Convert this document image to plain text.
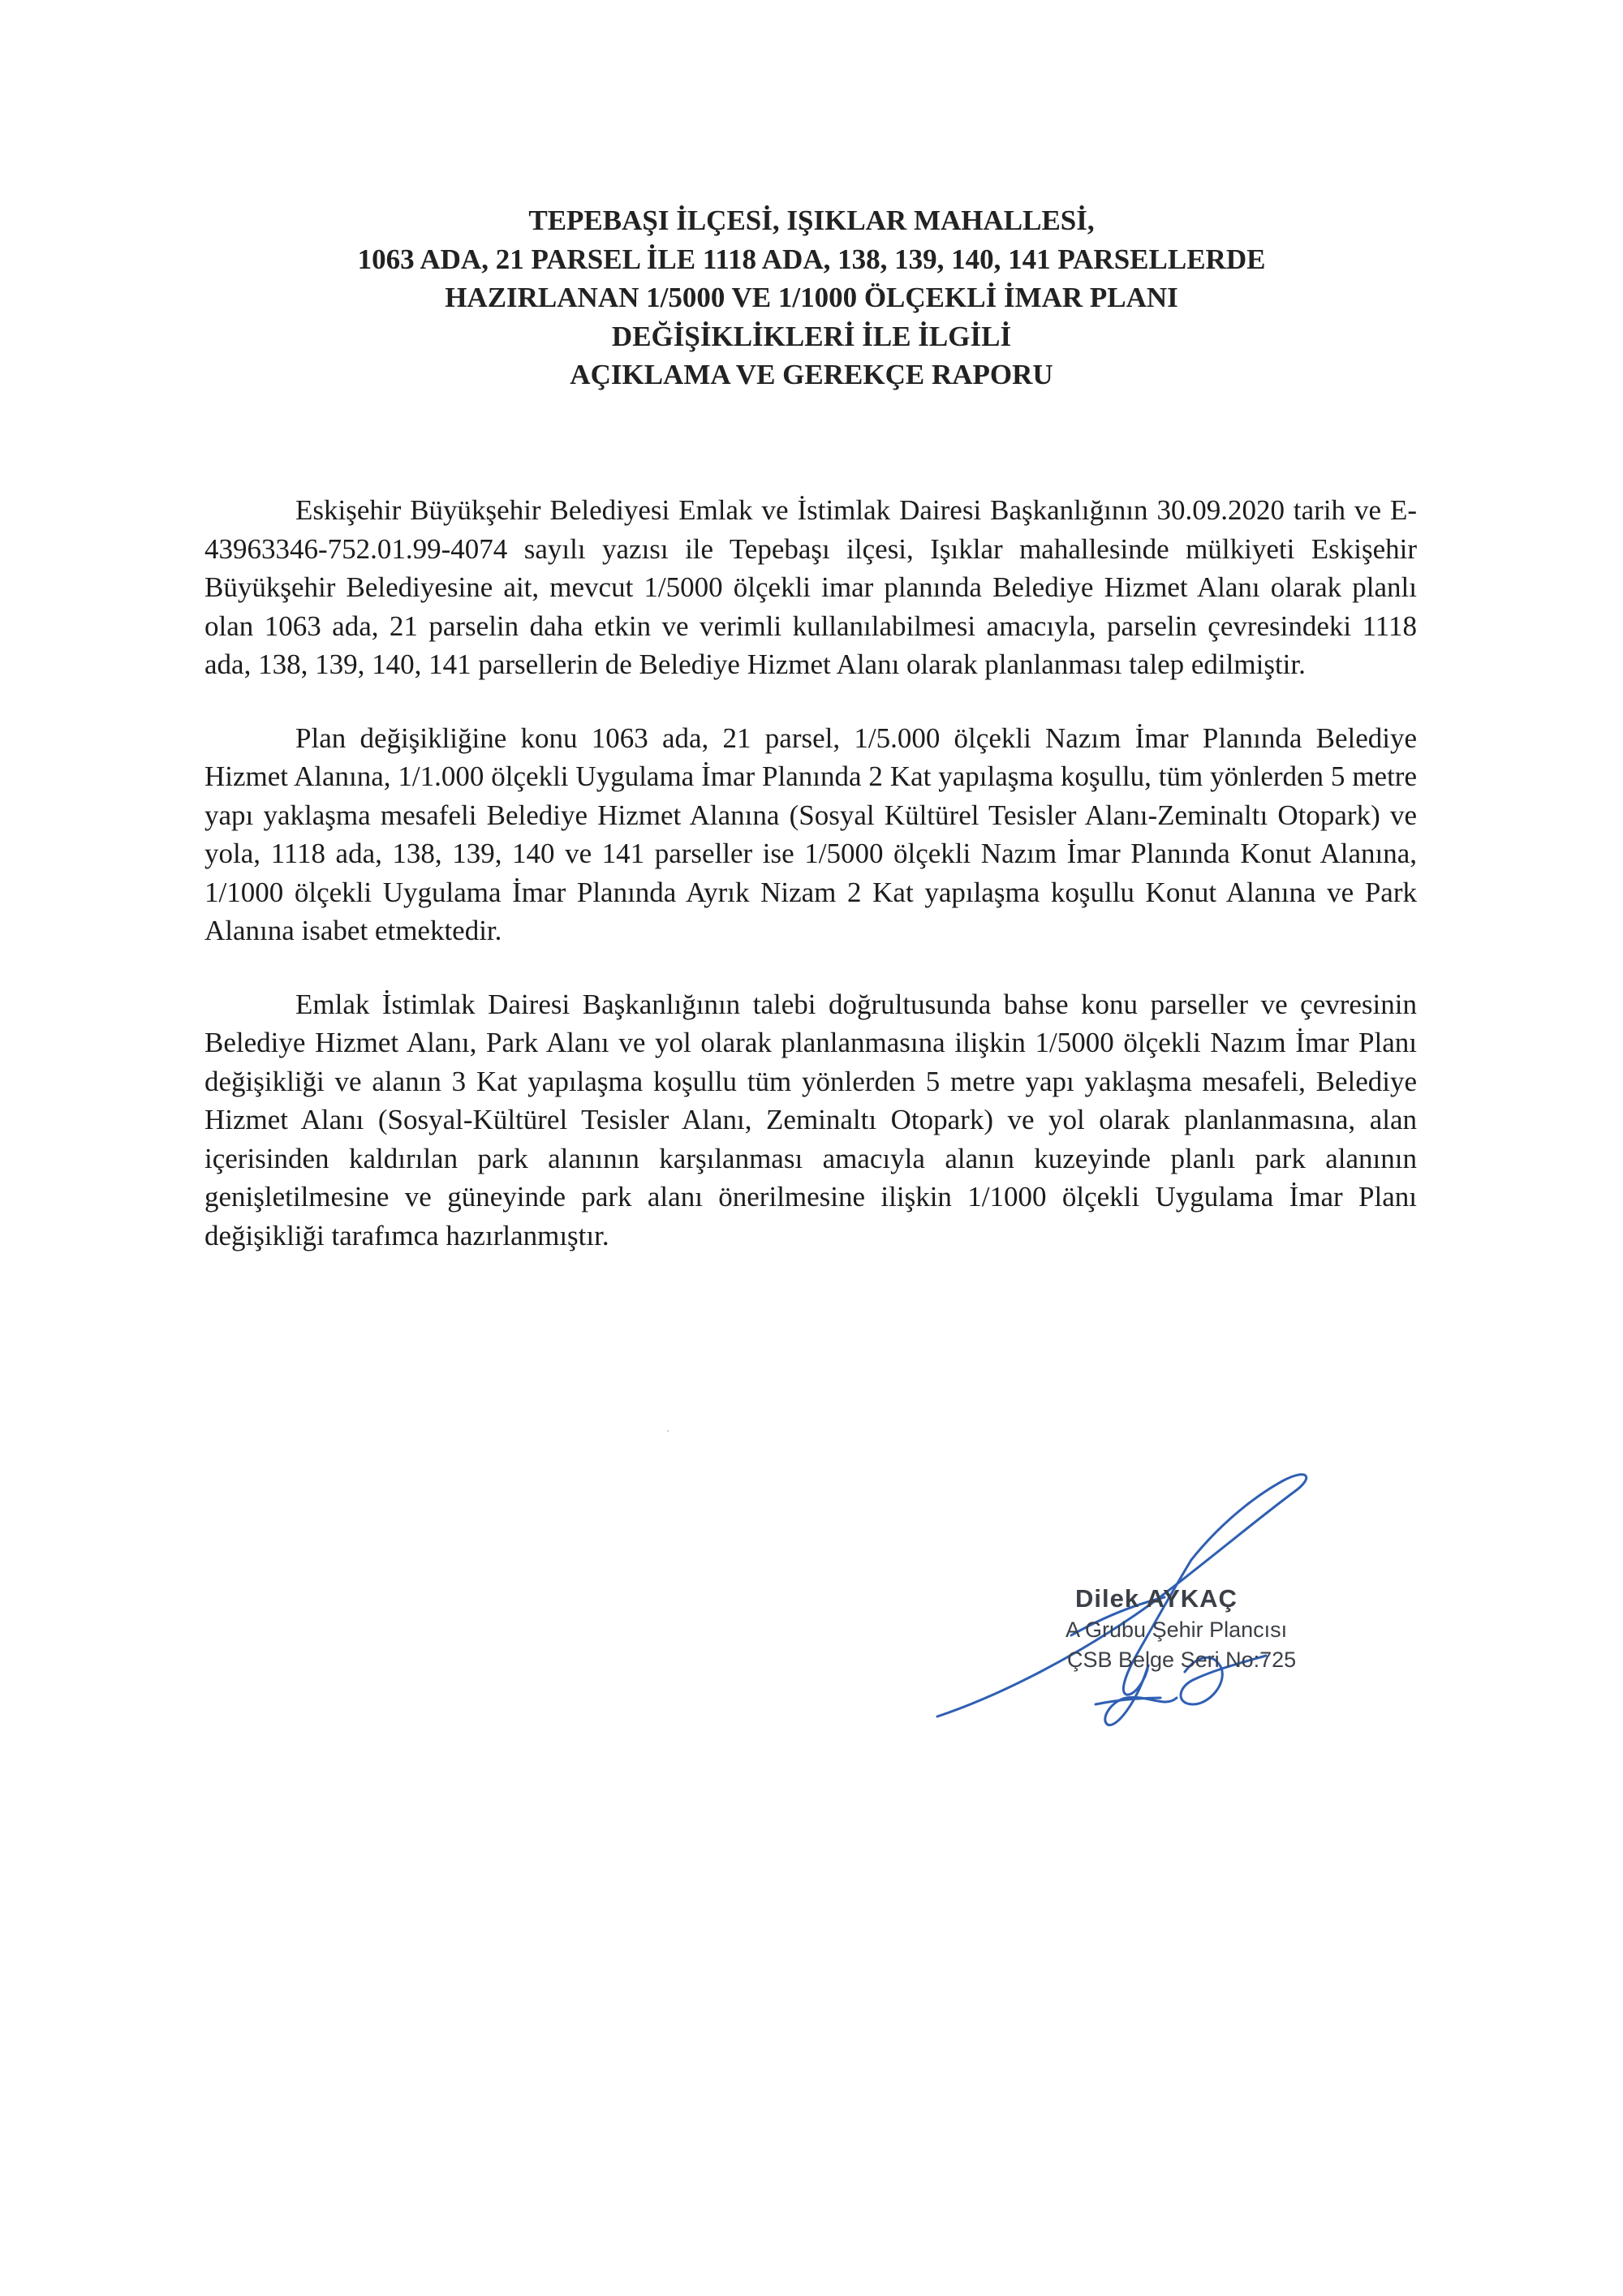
TEPEBAŞI İLÇESİ, IŞIKLAR MAHALLESİ,
1063 ADA, 21 PARSEL İLE 1118 ADA, 138, 139, 140, 141 PARSELLERDE
HAZIRLANAN 1/5000 VE 1/1000 ÖLÇEKLİ İMAR PLANI
DEĞİŞİKLİKLERİ İLE İLGİLİ
AÇIKLAMA VE GEREKÇE RAPORU

Eskişehir Büyükşehir Belediyesi Emlak ve İstimlak Dairesi Başkanlığının 30.09.2020 tarih ve E-43963346-752.01.99-4074 sayılı yazısı ile Tepebaşı ilçesi, Işıklar mahallesinde mülkiyeti Eskişehir Büyükşehir Belediyesine ait, mevcut 1/5000 ölçekli imar planında Belediye Hizmet Alanı olarak planlı olan 1063 ada, 21 parselin daha etkin ve verimli kullanılabilmesi amacıyla, parselin çevresindeki 1118 ada, 138, 139, 140, 141 parsellerin de Belediye Hizmet Alanı olarak planlanması talep edilmiştir.

Plan değişikliğine konu 1063 ada, 21 parsel, 1/5.000 ölçekli Nazım İmar Planında Belediye Hizmet Alanına, 1/1.000 ölçekli Uygulama İmar Planında 2 Kat yapılaşma koşullu, tüm yönlerden 5 metre yapı yaklaşma mesafeli Belediye Hizmet Alanına (Sosyal Kültürel Tesisler Alanı-Zeminaltı Otopark) ve yola, 1118 ada, 138, 139, 140 ve 141 parseller ise 1/5000 ölçekli Nazım İmar Planında Konut Alanına, 1/1000 ölçekli Uygulama İmar Planında Ayrık Nizam 2 Kat yapılaşma koşullu Konut Alanına ve Park Alanına isabet etmektedir.

Emlak İstimlak Dairesi Başkanlığının talebi doğrultusunda bahse konu parseller ve çevresinin Belediye Hizmet Alanı, Park Alanı ve yol olarak planlanmasına ilişkin 1/5000 ölçekli Nazım İmar Planı değişikliği ve alanın 3 Kat yapılaşma koşullu tüm yönlerden 5 metre yapı yaklaşma mesafeli, Belediye Hizmet Alanı (Sosyal-Kültürel Tesisler Alanı, Zeminaltı Otopark) ve yol olarak planlanmasına, alan içerisinden kaldırılan park alanının karşılanması amacıyla alanın kuzeyinde planlı park alanının genişletilmesine ve güneyinde park alanı önerilmesine ilişkin 1/1000 ölçekli Uygulama İmar Planı değişikliği tarafımca hazırlanmıştır.

Dilek AYKAÇ
A Grubu Şehir Plancısı
ÇSB Belge Seri No:725
